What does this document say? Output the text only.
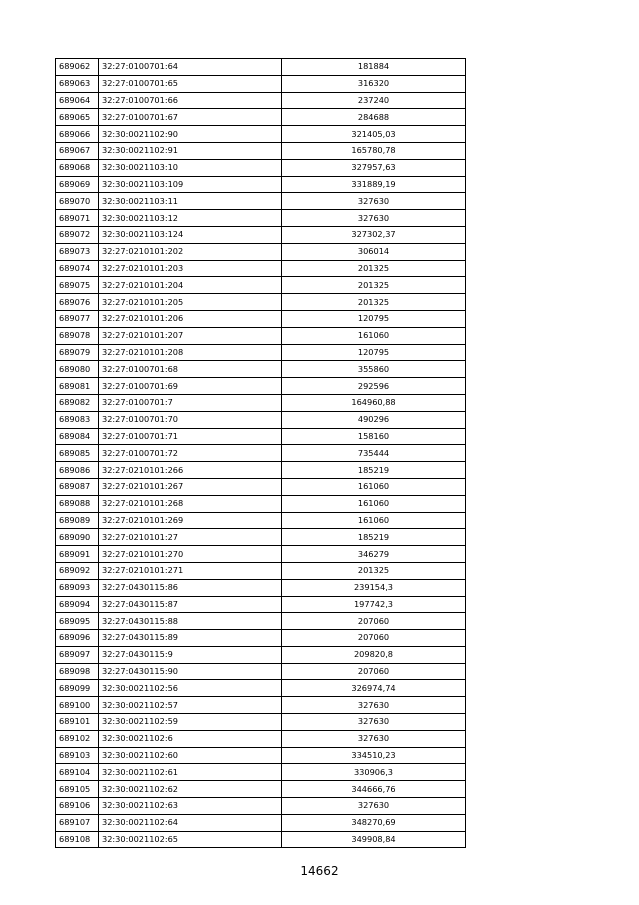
689062	32:27:0100701:64	181884
689063	32:27:0100701:65	316320
689064	32:27:0100701:66	237240
689065	32:27:0100701:67	284688
689066	32:30:0021102:90	321405,03
689067	32:30:0021102:91	165780,78
689068	32:30:0021103:10	327957,63
689069	32:30:0021103:109	331889,19
689070	32:30:0021103:11	327630
689071	32:30:0021103:12	327630
689072	32:30:0021103:124	327302,37
689073	32:27:0210101:202	306014
689074	32:27:0210101:203	201325
689075	32:27:0210101:204	201325
689076	32:27:0210101:205	201325
689077	32:27:0210101:206	120795
689078	32:27:0210101:207	161060
689079	32:27:0210101:208	120795
689080	32:27:0100701:68	355860
689081	32:27:0100701:69	292596
689082	32:27:0100701:7	164960,88
689083	32:27:0100701:70	490296
689084	32:27:0100701:71	158160
689085	32:27:0100701:72	735444
689086	32:27:0210101:266	185219
689087	32:27:0210101:267	161060
689088	32:27:0210101:268	161060
689089	32:27:0210101:269	161060
689090	32:27:0210101:27	185219
689091	32:27:0210101:270	346279
689092	32:27:0210101:271	201325
689093	32:27:0430115:86	239154,3
689094	32:27:0430115:87	197742,3
689095	32:27:0430115:88	207060
689096	32:27:0430115:89	207060
689097	32:27:0430115:9	209820,8
689098	32:27:0430115:90	207060
689099	32:30:0021102:56	326974,74
689100	32:30:0021102:57	327630
689101	32:30:0021102:59	327630
689102	32:30:0021102:6	327630
689103	32:30:0021102:60	334510,23
689104	32:30:0021102:61	330906,3
689105	32:30:0021102:62	344666,76
689106	32:30:0021102:63	327630
689107	32:30:0021102:64	348270,69
689108	32:30:0021102:65	349908,84
14662
